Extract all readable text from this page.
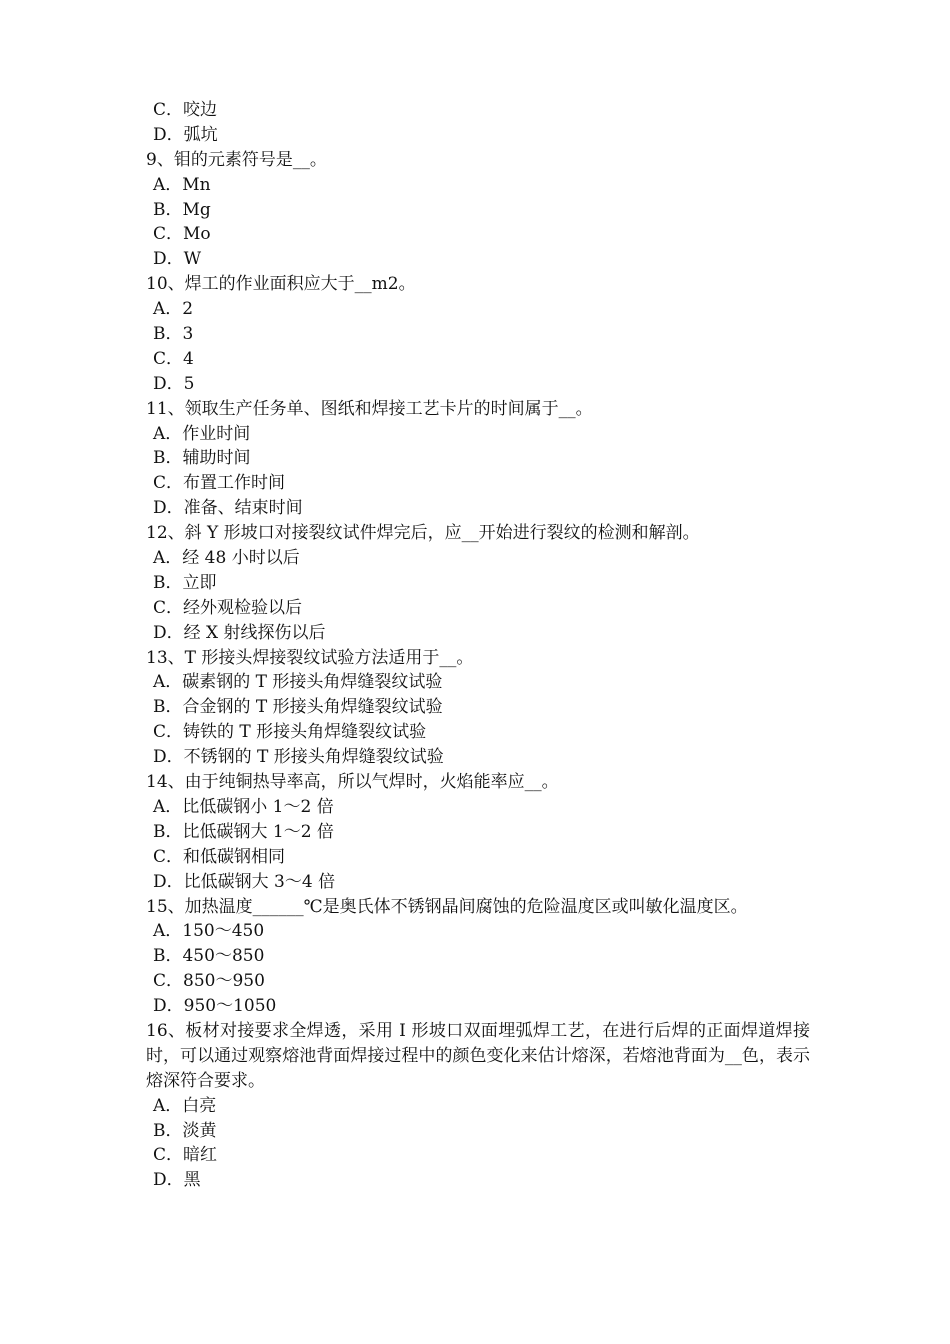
C．咬边
D．弧坑
9、钼的元素符号是__。
A．Mn
B．Mg
C．Mo
D．W
10、焊工的作业面积应大于__m2。
A．2
B．3
C．4
D．5
11、领取生产任务单、图纸和焊接工艺卡片的时间属于__。
A．作业时间
B．辅助时间
C．布置工作时间
D．准备、结束时间
12、斜 Y 形坡口对接裂纹试件焊完后，应__开始进行裂纹的检测和解剖。
A．经 48 小时以后
B．立即
C．经外观检验以后
D．经 X 射线探伤以后
13、T 形接头焊接裂纹试验方法适用于__。
A．碳素钢的 T 形接头角焊缝裂纹试验
B．合金钢的 T 形接头角焊缝裂纹试验
C．铸铁的 T 形接头角焊缝裂纹试验
D．不锈钢的 T 形接头角焊缝裂纹试验
14、由于纯铜热导率高，所以气焊时，火焰能率应__。
A．比低碳钢小 1～2 倍
B．比低碳钢大 1～2 倍
C．和低碳钢相同
D．比低碳钢大 3～4 倍
15、加热温度______℃是奥氏体不锈钢晶间腐蚀的危险温度区或叫敏化温度区。
A．150～450
B．450～850
C．850～950
D．950～1050
16、板材对接要求全焊透，采用 I 形坡口双面埋弧焊工艺，在进行后焊的正面焊道焊接时，可以通过观察熔池背面焊接过程中的颜色变化来估计熔深，若熔池背面为__色，表示熔深符合要求。
A．白亮
B．淡黄
C．暗红
D．黑
